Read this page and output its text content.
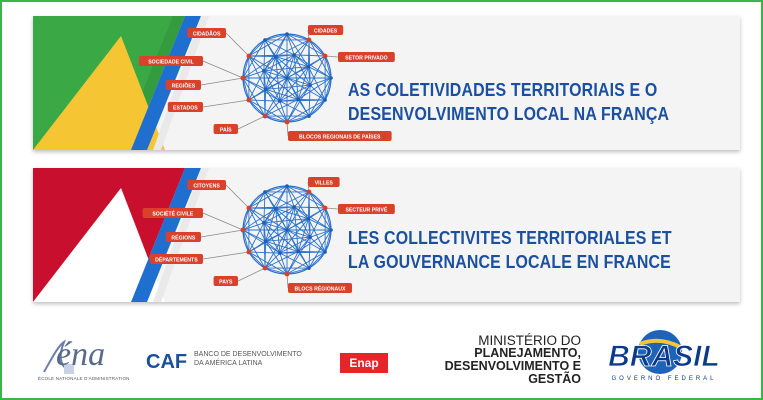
CIDADÃOS	CIDADES
SOCIEDADE CIVIL
SETOR PRIVADO
REGIÕES
ESTADOS
PAÍS
BLOCOS REGIONAIS DE PAÍSES
AS COLETIVIDADES TERRITORIAIS E O
DESENVOLVIMENTO LOCAL NA FRANÇA
CITOYENS	VILLES
SOCIÉTÉ CIVILE
SECTEUR PRIVÉ
RÉGIONS
DÉPARTEMENTS
PAYS
BLOCS RÉGIONAUX
LES COLLECTIVITES TERRITORIALES ET
LA GOUVERNANCE LOCALE EN FRANCE
éna
ÉCOLE NATIONALE D'ADMINISTRATION
CAF BANCO DE DESENVOLVIMENTO
DA AMÉRICA LATINA	Enap
MINISTÉRIO DO
PLANEJAMENTO,
DESENVOLVIMENTO E GESTÃO
BRASIL
GOVERNO FEDERAL
